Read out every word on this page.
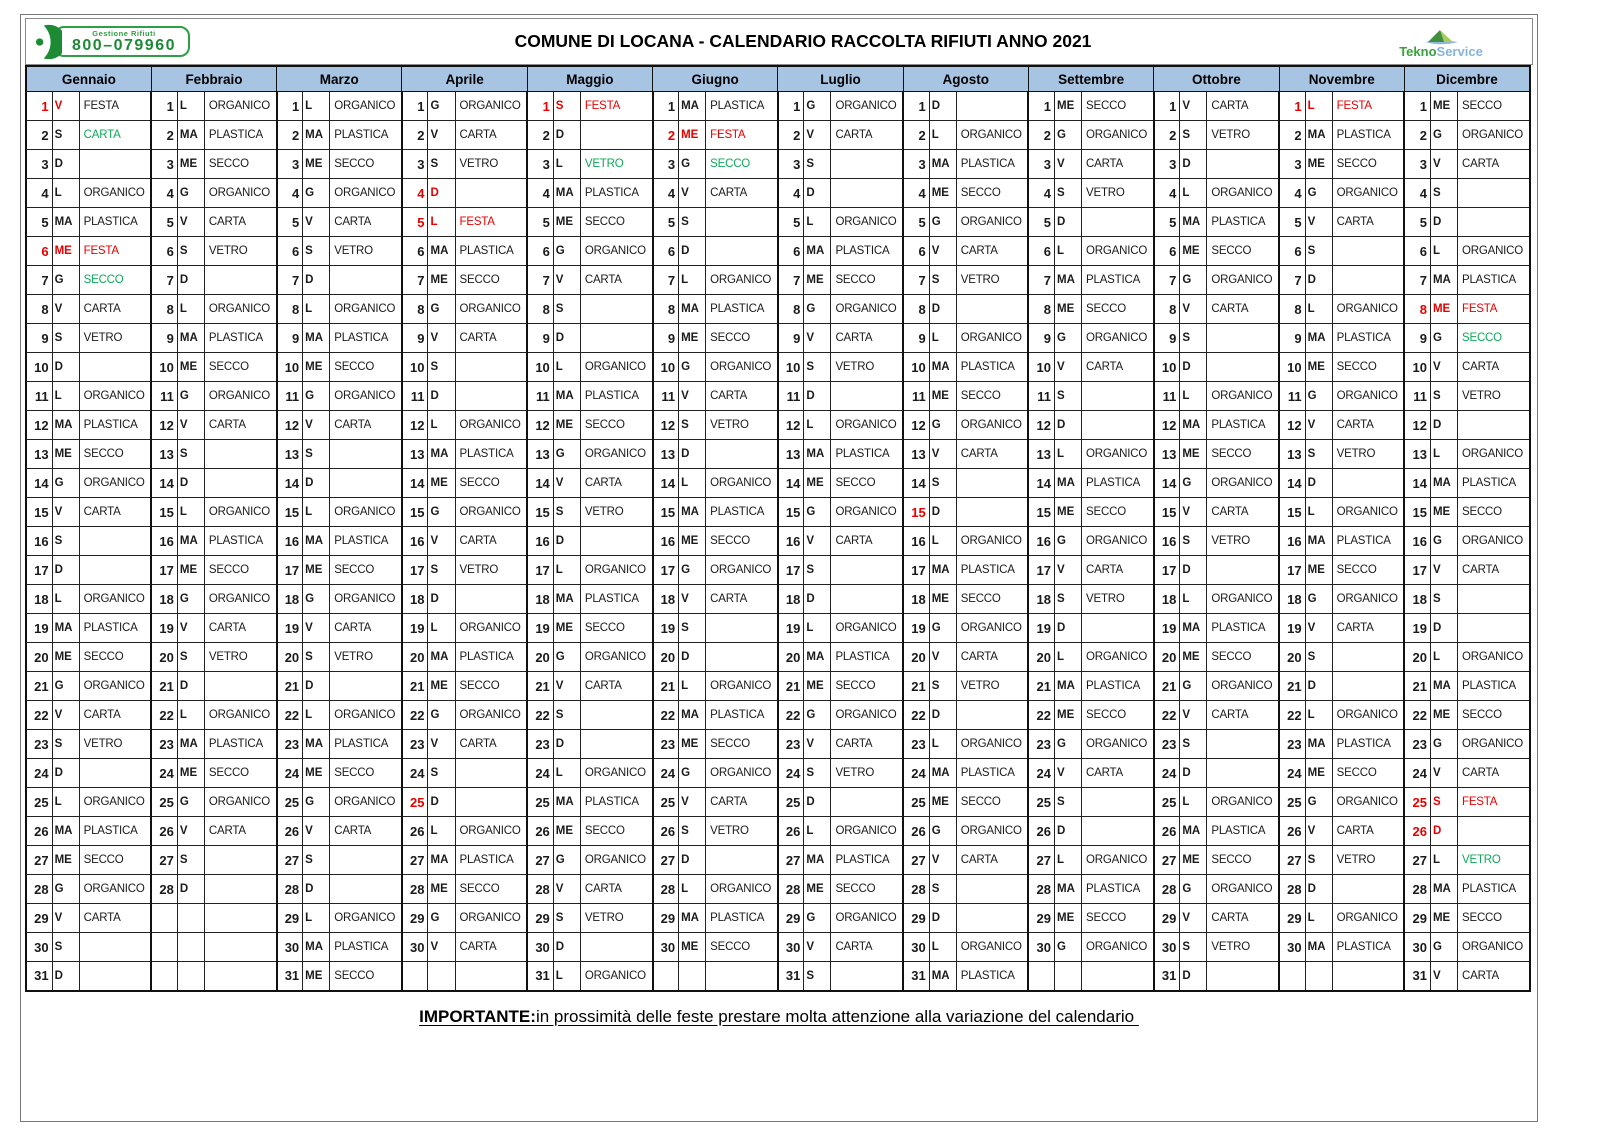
Gestione Rifiuti
800–079960	COMUNE DI LOCANA - CALENDARIO RACCOLTA RIFIUTI ANNO 2021	TeknoService
Gennaio			Febbraio			Marzo			Aprile			Maggio			Giugno			Luglio			Agosto			Settembre			Ottobre			Novembre			Dicembre		
1	V	FESTA	1	L	ORGANICO	1	L	ORGANICO	1	G	ORGANICO	1	S	FESTA	1	MA	PLASTICA	1	G	ORGANICO	1	D		1	ME	SECCO	1	V	CARTA	1	L	FESTA	1	ME	SECCO
2	S	CARTA	2	MA	PLASTICA	2	MA	PLASTICA	2	V	CARTA	2	D		2	ME	FESTA	2	V	CARTA	2	L	ORGANICO	2	G	ORGANICO	2	S	VETRO	2	MA	PLASTICA	2	G	ORGANICO
3	D		3	ME	SECCO	3	ME	SECCO	3	S	VETRO	3	L	VETRO	3	G	SECCO	3	S		3	MA	PLASTICA	3	V	CARTA	3	D		3	ME	SECCO	3	V	CARTA
4	L	ORGANICO	4	G	ORGANICO	4	G	ORGANICO	4	D		4	MA	PLASTICA	4	V	CARTA	4	D		4	ME	SECCO	4	S	VETRO	4	L	ORGANICO	4	G	ORGANICO	4	S	
5	MA	PLASTICA	5	V	CARTA	5	V	CARTA	5	L	FESTA	5	ME	SECCO	5	S		5	L	ORGANICO	5	G	ORGANICO	5	D		5	MA	PLASTICA	5	V	CARTA	5	D	
6	ME	FESTA	6	S	VETRO	6	S	VETRO	6	MA	PLASTICA	6	G	ORGANICO	6	D		6	MA	PLASTICA	6	V	CARTA	6	L	ORGANICO	6	ME	SECCO	6	S		6	L	ORGANICO
7	G	SECCO	7	D		7	D		7	ME	SECCO	7	V	CARTA	7	L	ORGANICO	7	ME	SECCO	7	S	VETRO	7	MA	PLASTICA	7	G	ORGANICO	7	D		7	MA	PLASTICA
8	V	CARTA	8	L	ORGANICO	8	L	ORGANICO	8	G	ORGANICO	8	S		8	MA	PLASTICA	8	G	ORGANICO	8	D		8	ME	SECCO	8	V	CARTA	8	L	ORGANICO	8	ME	FESTA
9	S	VETRO	9	MA	PLASTICA	9	MA	PLASTICA	9	V	CARTA	9	D		9	ME	SECCO	9	V	CARTA	9	L	ORGANICO	9	G	ORGANICO	9	S		9	MA	PLASTICA	9	G	SECCO
10	D		10	ME	SECCO	10	ME	SECCO	10	S		10	L	ORGANICO	10	G	ORGANICO	10	S	VETRO	10	MA	PLASTICA	10	V	CARTA	10	D		10	ME	SECCO	10	V	CARTA
11	L	ORGANICO	11	G	ORGANICO	11	G	ORGANICO	11	D		11	MA	PLASTICA	11	V	CARTA	11	D		11	ME	SECCO	11	S		11	L	ORGANICO	11	G	ORGANICO	11	S	VETRO
12	MA	PLASTICA	12	V	CARTA	12	V	CARTA	12	L	ORGANICO	12	ME	SECCO	12	S	VETRO	12	L	ORGANICO	12	G	ORGANICO	12	D		12	MA	PLASTICA	12	V	CARTA	12	D	
13	ME	SECCO	13	S		13	S		13	MA	PLASTICA	13	G	ORGANICO	13	D		13	MA	PLASTICA	13	V	CARTA	13	L	ORGANICO	13	ME	SECCO	13	S	VETRO	13	L	ORGANICO
14	G	ORGANICO	14	D		14	D		14	ME	SECCO	14	V	CARTA	14	L	ORGANICO	14	ME	SECCO	14	S		14	MA	PLASTICA	14	G	ORGANICO	14	D		14	MA	PLASTICA
15	V	CARTA	15	L	ORGANICO	15	L	ORGANICO	15	G	ORGANICO	15	S	VETRO	15	MA	PLASTICA	15	G	ORGANICO	15	D		15	ME	SECCO	15	V	CARTA	15	L	ORGANICO	15	ME	SECCO
16	S		16	MA	PLASTICA	16	MA	PLASTICA	16	V	CARTA	16	D		16	ME	SECCO	16	V	CARTA	16	L	ORGANICO	16	G	ORGANICO	16	S	VETRO	16	MA	PLASTICA	16	G	ORGANICO
17	D		17	ME	SECCO	17	ME	SECCO	17	S	VETRO	17	L	ORGANICO	17	G	ORGANICO	17	S		17	MA	PLASTICA	17	V	CARTA	17	D		17	ME	SECCO	17	V	CARTA
18	L	ORGANICO	18	G	ORGANICO	18	G	ORGANICO	18	D		18	MA	PLASTICA	18	V	CARTA	18	D		18	ME	SECCO	18	S	VETRO	18	L	ORGANICO	18	G	ORGANICO	18	S	
19	MA	PLASTICA	19	V	CARTA	19	V	CARTA	19	L	ORGANICO	19	ME	SECCO	19	S		19	L	ORGANICO	19	G	ORGANICO	19	D		19	MA	PLASTICA	19	V	CARTA	19	D	
20	ME	SECCO	20	S	VETRO	20	S	VETRO	20	MA	PLASTICA	20	G	ORGANICO	20	D		20	MA	PLASTICA	20	V	CARTA	20	L	ORGANICO	20	ME	SECCO	20	S		20	L	ORGANICO
21	G	ORGANICO	21	D		21	D		21	ME	SECCO	21	V	CARTA	21	L	ORGANICO	21	ME	SECCO	21	S	VETRO	21	MA	PLASTICA	21	G	ORGANICO	21	D		21	MA	PLASTICA
22	V	CARTA	22	L	ORGANICO	22	L	ORGANICO	22	G	ORGANICO	22	S		22	MA	PLASTICA	22	G	ORGANICO	22	D		22	ME	SECCO	22	V	CARTA	22	L	ORGANICO	22	ME	SECCO
23	S	VETRO	23	MA	PLASTICA	23	MA	PLASTICA	23	V	CARTA	23	D		23	ME	SECCO	23	V	CARTA	23	L	ORGANICO	23	G	ORGANICO	23	S		23	MA	PLASTICA	23	G	ORGANICO
24	D		24	ME	SECCO	24	ME	SECCO	24	S		24	L	ORGANICO	24	G	ORGANICO	24	S	VETRO	24	MA	PLASTICA	24	V	CARTA	24	D		24	ME	SECCO	24	V	CARTA
25	L	ORGANICO	25	G	ORGANICO	25	G	ORGANICO	25	D		25	MA	PLASTICA	25	V	CARTA	25	D		25	ME	SECCO	25	S		25	L	ORGANICO	25	G	ORGANICO	25	S	FESTA
26	MA	PLASTICA	26	V	CARTA	26	V	CARTA	26	L	ORGANICO	26	ME	SECCO	26	S	VETRO	26	L	ORGANICO	26	G	ORGANICO	26	D		26	MA	PLASTICA	26	V	CARTA	26	D	
27	ME	SECCO	27	S		27	S		27	MA	PLASTICA	27	G	ORGANICO	27	D		27	MA	PLASTICA	27	V	CARTA	27	L	ORGANICO	27	ME	SECCO	27	S	VETRO	27	L	VETRO
28	G	ORGANICO	28	D		28	D		28	ME	SECCO	28	V	CARTA	28	L	ORGANICO	28	ME	SECCO	28	S		28	MA	PLASTICA	28	G	ORGANICO	28	D		28	MA	PLASTICA
29	V	CARTA				29	L	ORGANICO	29	G	ORGANICO	29	S	VETRO	29	MA	PLASTICA	29	G	ORGANICO	29	D		29	ME	SECCO	29	V	CARTA	29	L	ORGANICO	29	ME	SECCO
30	S					30	MA	PLASTICA	30	V	CARTA	30	D		30	ME	SECCO	30	V	CARTA	30	L	ORGANICO	30	G	ORGANICO	30	S	VETRO	30	MA	PLASTICA	30	G	ORGANICO
31	D					31	ME	SECCO				31	L	ORGANICO				31	S		31	MA	PLASTICA				31	D					31	V	CARTA
IMPORTANTE:in prossimità delle feste prestare molta attenzione alla variazione del calendario
